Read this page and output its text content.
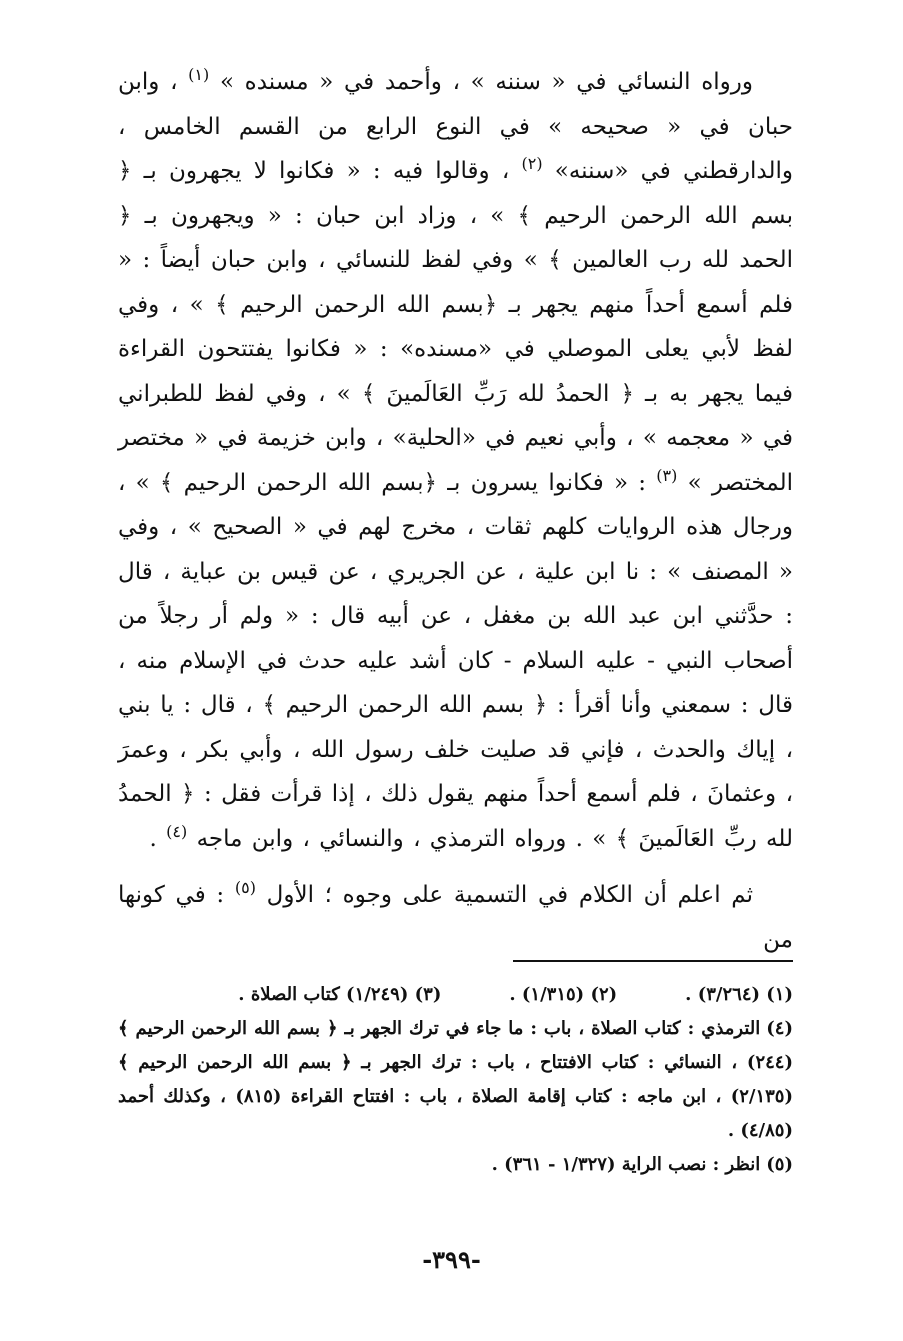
ورواه النسائي في « سننه » ، وأحمد في « مسنده » $^{(١)}$ ، وابن حبان في « صحيحه » في النوع الرابع من القسم الخامس ، والدارقطني في «سننه» $^{(٢)}$ ، وقالوا فيه : « فكانوا لا يجهرون بـ ﴿ بسم الله الرحمن الرحيم ﴾ » ، وزاد ابن حبان : « ويجهرون بـ ﴿ الحمد لله رب العالمين ﴾ » وفي لفظ للنسائي ، وابن حبان أيضاً : « فلم أسمع أحداً منهم يجهر بـ ﴿بسم الله الرحمن الرحيم ﴾ » ، وفي لفظ لأبي يعلى الموصلي في «مسنده» : « فكانوا يفتتحون القراءة فيما يجهر به بـ ﴿ الحمدُ لله رَبِّ العَالَمينَ ﴾ » ، وفي لفظ للطبراني في « معجمه » ، وأبي نعيم في «الحلية» ، وابن خزيمة في « مختصر المختصر » $^{(٣)}$ : « فكانوا يسرون بـ ﴿بسم الله الرحمن الرحيم ﴾ » ، ورجال هذه الروايات كلهم ثقات ، مخرج لهم في « الصحيح » ، وفي « المصنف » : نا ابن علية ، عن الجريري ، عن قيس بن عباية ، قال : حدَّثني ابن عبد الله بن مغفل ، عن أبيه قال : « ولم أر رجلاً من أصحاب النبي - عليه السلام - كان أشد عليه حدث في الإسلام منه ، قال : سمعني وأنا أقرأ : ﴿ بسم الله الرحمن الرحيم ﴾ ، قال : يا بني ، إياك والحدث ، فإني قد صليت خلف رسول الله ، وأبي بكر ، وعمرَ ، وعثمانَ ، فلم أسمع أحداً منهم يقول ذلك ، إذا قرأت فقل : ﴿ الحمدُ لله ربِّ العَالَمينَ ﴾ » . ورواه الترمذي ، والنسائي ، وابن ماجه $^{(٤)}$ .

ثم اعلم أن الكلام في التسمية على وجوه ؛ الأول $^{(٥)}$ : في كونها من

(١) (٣/٢٦٤) .
(٢) (١/٣١٥) .
(٣) (١/٢٤٩) كتاب الصلاة .
(٤)الترمذي : كتاب الصلاة ، باب : ما جاء في ترك الجهر بـ ﴿ بسم الله الرحمن الرحيم ﴾ (٢٤٤) ، النسائي : كتاب الافتتاح ، باب : ترك الجهر بـ ﴿ بسم الله الرحمن الرحيم ﴾ (٢/١٣٥) ، ابن ماجه : كتاب إقامة الصلاة ، باب : افتتاح القراءة (٨١٥) ، وكذلك أحمد (٤/٨٥) .
(٥)انظر : نصب الراية (١/٣٢٧ - ٣٦١) .
-٣٩٩-
